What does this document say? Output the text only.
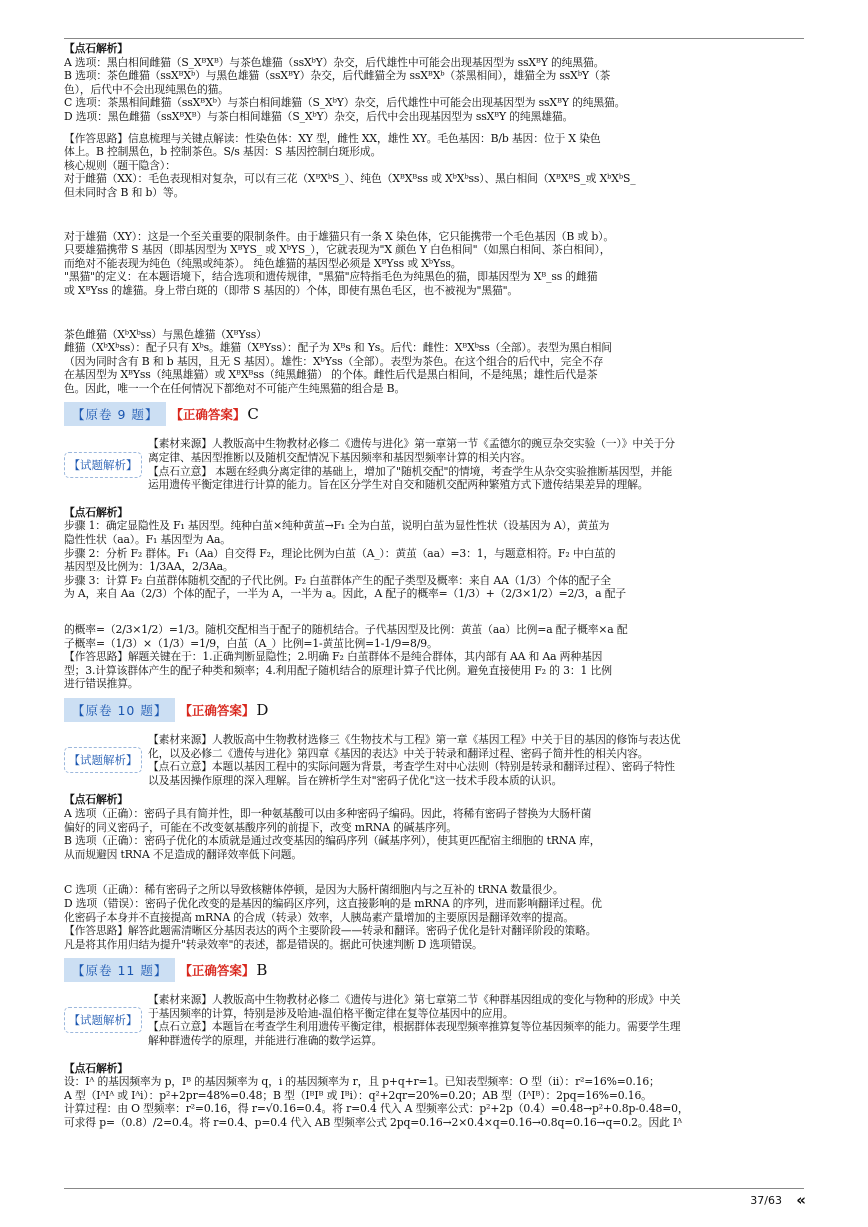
【点石解析】

A 选项：黑白相间雌猫（S_XᴮXᴮ）与茶色雄猫（ssXᵇY）杂交，后代雄性中可能会出现基因型为 ssXᴮY 的纯黑猫。

B 选项：茶色雌猫（ssXᴮXᵇ）与黑色雄猫（ssXᴮY）杂交，后代雌猫全为 ssXᴮXᵇ（茶黑相间），雄猫全为 ssXᵇY（茶

色），后代中不会出现纯黑色的猫。

C 选项：茶黑相间雌猫（ssXᴮXᵇ）与茶白相间雄猫（S_XᵇY）杂交，后代雄性中可能会出现基因型为 ssXᴮY 的纯黑猫。

D 选项：黑色雌猫（ssXᴮXᴮ）与茶白相间雄猫（S_XᵇY）杂交，后代中会出现基因型为 ssXᴮY 的纯黑雄猫。

【作答思路】信息梳理与关键点解读：性染色体：XY 型，雌性 XX，雄性 XY。毛色基因：B/b 基因：位于 X 染色

体上。B 控制黑色，b 控制茶色。S/s 基因：S 基因控制白斑形成。

核心规则（题干隐含）：

对于雌猫（XX）：毛色表现相对复杂，可以有三花（XᴮXᵇS_）、纯色（XᴮXᴮss 或 XᵇXᵇss）、黑白相间（XᴮXᴮS_或 XᵇXᵇS_

但未同时含 B 和 b）等。

对于雄猫（XY）：这是一个至关重要的限制条件。由于雄猫只有一条 X 染色体，它只能携带一个毛色基因（B 或 b）。

只要雄猫携带 S 基因（即基因型为 XᴮYS_ 或 XᵇYS_），它就表现为"X 颜色 Y 白色相间"（如黑白相间、茶白相间），

而绝对不能表现为纯色（纯黑或纯茶）。 纯色雄猫的基因型必须是 XᴮYss 或 XᵇYss。

"黑猫"的定义：在本题语境下，结合选项和遗传规律，"黑猫"应特指毛色为纯黑色的猫，即基因型为 Xᴮ_ss 的雌猫

或 XᴮYss 的雄猫。身上带白斑的（即带 S 基因的）个体，即使有黑色毛区，也不被视为"黑猫"。

茶色雌猫（XᵇXᵇss）与黑色雄猫（XᴮYss）

雌猫（XᵇXᵇss）：配子只有 Xᵇs。雄猫（XᴮYss）：配子为 Xᴮs 和 Ys。后代：雌性：XᴮXᵇss（全部）。表型为黑白相间

（因为同时含有 B 和 b 基因，且无 S 基因）。雄性：XᵇYss（全部）。表型为茶色。在这个组合的后代中，完全不存

在基因型为 XᴮYss（纯黑雄猫）或 XᴮXᴮss（纯黑雌猫） 的个体。雌性后代是黑白相间，不是纯黑；雄性后代是茶

色。因此，唯一一个在任何情况下都绝对不可能产生纯黑猫的组合是 B。

【原卷 9 题】 【正确答案】 C
【试题解析】

【素材来源】人教版高中生物教材必修二《遗传与进化》第一章第一节《孟德尔的豌豆杂交实验（一）》中关于分

离定律、基因型推断以及随机交配情况下基因频率和基因型频率计算的相关内容。

【点石立意】 本题在经典分离定律的基础上，增加了"随机交配"的情境，考查学生从杂交实验推断基因型，并能

运用遗传平衡定律进行计算的能力。旨在区分学生对自交和随机交配两种繁殖方式下遗传结果差异的理解。

【点石解析】

步骤 1：确定显隐性及 F₁ 基因型。纯种白茧×纯种黄茧→F₁ 全为白茧，说明白茧为显性性状（设基因为 A），黄茧为

隐性性状（aa）。F₁ 基因型为 Aa。

步骤 2：分析 F₂ 群体。F₁（Aa）自交得 F₂，理论比例为白茧（A_）：黄茧（aa）=3：1，与题意相符。F₂ 中白茧的

基因型及比例为：1/3AA，2/3Aa。

步骤 3：计算 F₂ 白茧群体随机交配的子代比例。F₂ 白茧群体产生的配子类型及概率：来自 AA（1/3）个体的配子全

为 A，来自 Aa（2/3）个体的配子，一半为 A，一半为 a。因此，A 配子的概率=（1/3）+（2/3×1/2）=2/3，a 配子

的概率=（2/3×1/2）=1/3。随机交配相当于配子的随机结合。子代基因型及比例：黄茧（aa）比例=a 配子概率×a 配

子概率=（1/3）×（1/3）=1/9，白茧（A_）比例=1-黄茧比例=1-1/9=8/9。

【作答思路】解题关键在于：1.正确判断显隐性；2.明确 F₂ 白茧群体不是纯合群体，其内部有 AA 和 Aa 两种基因

型；3.计算该群体产生的配子种类和频率；4.利用配子随机结合的原理计算子代比例。避免直接使用 F₂ 的 3：1 比例

进行错误推算。

【原卷 10 题】 【正确答案】 D
【试题解析】

【素材来源】人教版高中生物教材选修三《生物技术与工程》第一章《基因工程》中关于目的基因的修饰与表达优

化，以及必修二《遗传与进化》第四章《基因的表达》中关于转录和翻译过程、密码子简并性的相关内容。

【点石立意】本题以基因工程中的实际问题为背景，考查学生对中心法则（特别是转录和翻译过程）、密码子特性

以及基因操作原理的深入理解。旨在辨析学生对"密码子优化"这一技术手段本质的认识。

【点石解析】

A 选项（正确）：密码子具有简并性，即一种氨基酸可以由多种密码子编码。因此，将稀有密码子替换为大肠杆菌

偏好的同义密码子，可能在不改变氨基酸序列的前提下，改变 mRNA 的碱基序列。

B 选项（正确）：密码子优化的本质就是通过改变基因的编码序列（碱基序列），使其更匹配宿主细胞的 tRNA 库，

从而规避因 tRNA 不足造成的翻译效率低下问题。

C 选项（正确）：稀有密码子之所以导致核糖体停顿，是因为大肠杆菌细胞内与之互补的 tRNA 数量很少。

D 选项（错误）：密码子优化改变的是基因的编码区序列，这直接影响的是 mRNA 的序列，进而影响翻译过程。优

化密码子本身并不直接提高 mRNA 的合成（转录）效率，人胰岛素产量增加的主要原因是翻译效率的提高。

【作答思路】解答此题需清晰区分基因表达的两个主要阶段——转录和翻译。密码子优化是针对翻译阶段的策略。

凡是将其作用归结为提升"转录效率"的表述，都是错误的。据此可快速判断 D 选项错误。

【原卷 11 题】 【正确答案】 B
【试题解析】

【素材来源】人教版高中生物教材必修二《遗传与进化》第七章第二节《种群基因组成的变化与物种的形成》中关

于基因频率的计算，特别是涉及哈迪-温伯格平衡定律在复等位基因中的应用。

【点石立意】本题旨在考查学生利用遗传平衡定律，根据群体表现型频率推算复等位基因频率的能力。需要学生理

解种群遗传学的原理，并能进行准确的数学运算。

【点石解析】

设：Iᴬ 的基因频率为 p，Iᴮ 的基因频率为 q，i 的基因频率为 r，且 p+q+r=1。已知表型频率：O 型（ii）：r²=16%=0.16；

A 型（IᴬIᴬ 或 Iᴬi）：p²+2pr=48%=0.48；B 型（IᴮIᴮ 或 Iᴮi）：q²+2qr=20%=0.20；AB 型（IᴬIᴮ）：2pq=16%=0.16。

计算过程：由 O 型频率：r²=0.16，得 r=√0.16=0.4。将 r=0.4 代入 A 型频率公式：p²+2p（0.4）=0.48→p²+0.8p-0.48=0，

可求得 p=（0.8）/2=0.4。将 r=0.4、p=0.4 代入 AB 型频率公式 2pq=0.16→2×0.4×q=0.16→0.8q=0.16→q=0.2。因此 Iᴬ

37/63 «
